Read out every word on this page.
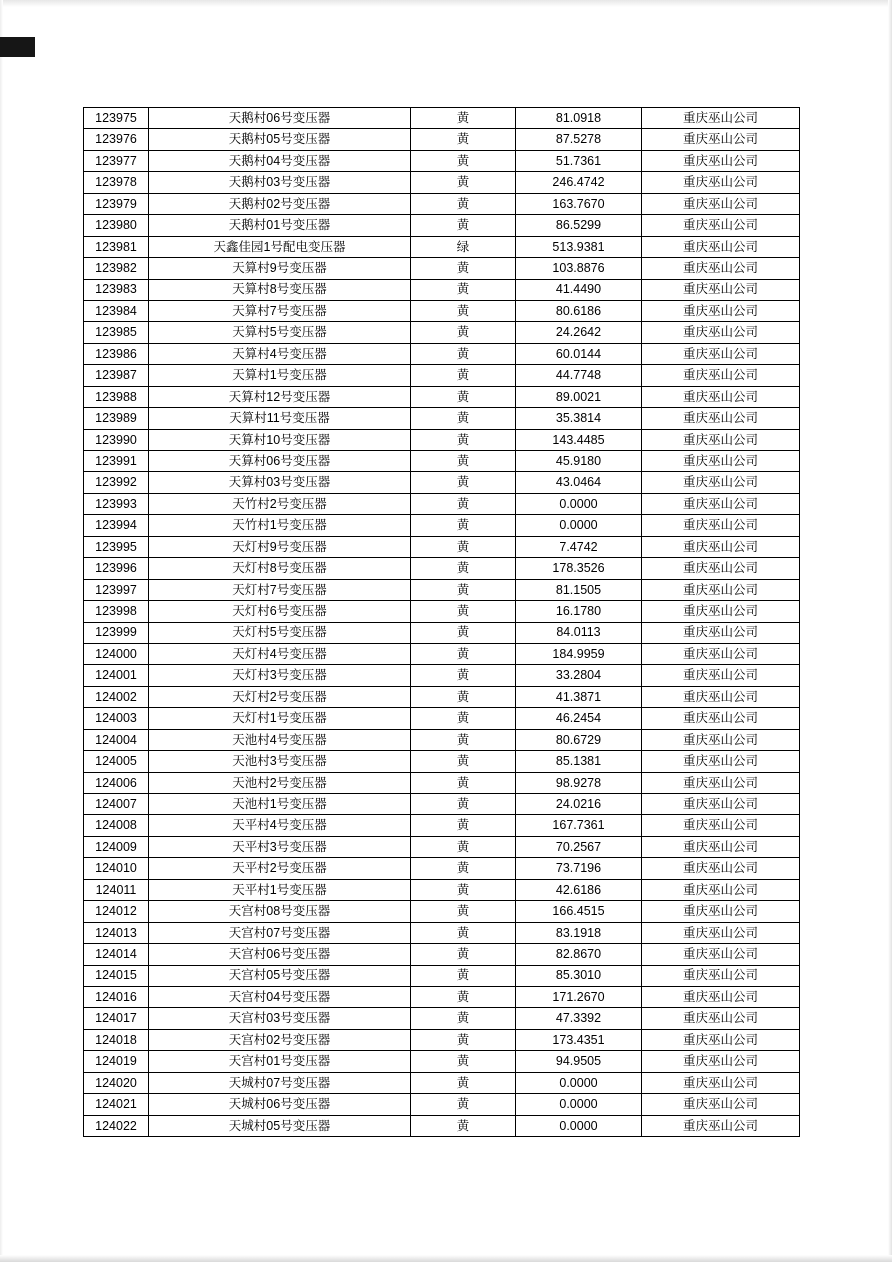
123975	天鹅村06号变压器	黄	81.0918	重庆巫山公司
123976	天鹅村05号变压器	黄	87.5278	重庆巫山公司
123977	天鹅村04号变压器	黄	51.7361	重庆巫山公司
123978	天鹅村03号变压器	黄	246.4742	重庆巫山公司
123979	天鹅村02号变压器	黄	163.7670	重庆巫山公司
123980	天鹅村01号变压器	黄	86.5299	重庆巫山公司
123981	天鑫佳园1号配电变压器	绿	513.9381	重庆巫山公司
123982	天算村9号变压器	黄	103.8876	重庆巫山公司
123983	天算村8号变压器	黄	41.4490	重庆巫山公司
123984	天算村7号变压器	黄	80.6186	重庆巫山公司
123985	天算村5号变压器	黄	24.2642	重庆巫山公司
123986	天算村4号变压器	黄	60.0144	重庆巫山公司
123987	天算村1号变压器	黄	44.7748	重庆巫山公司
123988	天算村12号变压器	黄	89.0021	重庆巫山公司
123989	天算村11号变压器	黄	35.3814	重庆巫山公司
123990	天算村10号变压器	黄	143.4485	重庆巫山公司
123991	天算村06号变压器	黄	45.9180	重庆巫山公司
123992	天算村03号变压器	黄	43.0464	重庆巫山公司
123993	天竹村2号变压器	黄	0.0000	重庆巫山公司
123994	天竹村1号变压器	黄	0.0000	重庆巫山公司
123995	天灯村9号变压器	黄	7.4742	重庆巫山公司
123996	天灯村8号变压器	黄	178.3526	重庆巫山公司
123997	天灯村7号变压器	黄	81.1505	重庆巫山公司
123998	天灯村6号变压器	黄	16.1780	重庆巫山公司
123999	天灯村5号变压器	黄	84.0113	重庆巫山公司
124000	天灯村4号变压器	黄	184.9959	重庆巫山公司
124001	天灯村3号变压器	黄	33.2804	重庆巫山公司
124002	天灯村2号变压器	黄	41.3871	重庆巫山公司
124003	天灯村1号变压器	黄	46.2454	重庆巫山公司
124004	天池村4号变压器	黄	80.6729	重庆巫山公司
124005	天池村3号变压器	黄	85.1381	重庆巫山公司
124006	天池村2号变压器	黄	98.9278	重庆巫山公司
124007	天池村1号变压器	黄	24.0216	重庆巫山公司
124008	天平村4号变压器	黄	167.7361	重庆巫山公司
124009	天平村3号变压器	黄	70.2567	重庆巫山公司
124010	天平村2号变压器	黄	73.7196	重庆巫山公司
124011	天平村1号变压器	黄	42.6186	重庆巫山公司
124012	天宫村08号变压器	黄	166.4515	重庆巫山公司
124013	天宫村07号变压器	黄	83.1918	重庆巫山公司
124014	天宫村06号变压器	黄	82.8670	重庆巫山公司
124015	天宫村05号变压器	黄	85.3010	重庆巫山公司
124016	天宫村04号变压器	黄	171.2670	重庆巫山公司
124017	天宫村03号变压器	黄	47.3392	重庆巫山公司
124018	天宫村02号变压器	黄	173.4351	重庆巫山公司
124019	天宫村01号变压器	黄	94.9505	重庆巫山公司
124020	天城村07号变压器	黄	0.0000	重庆巫山公司
124021	天城村06号变压器	黄	0.0000	重庆巫山公司
124022	天城村05号变压器	黄	0.0000	重庆巫山公司
